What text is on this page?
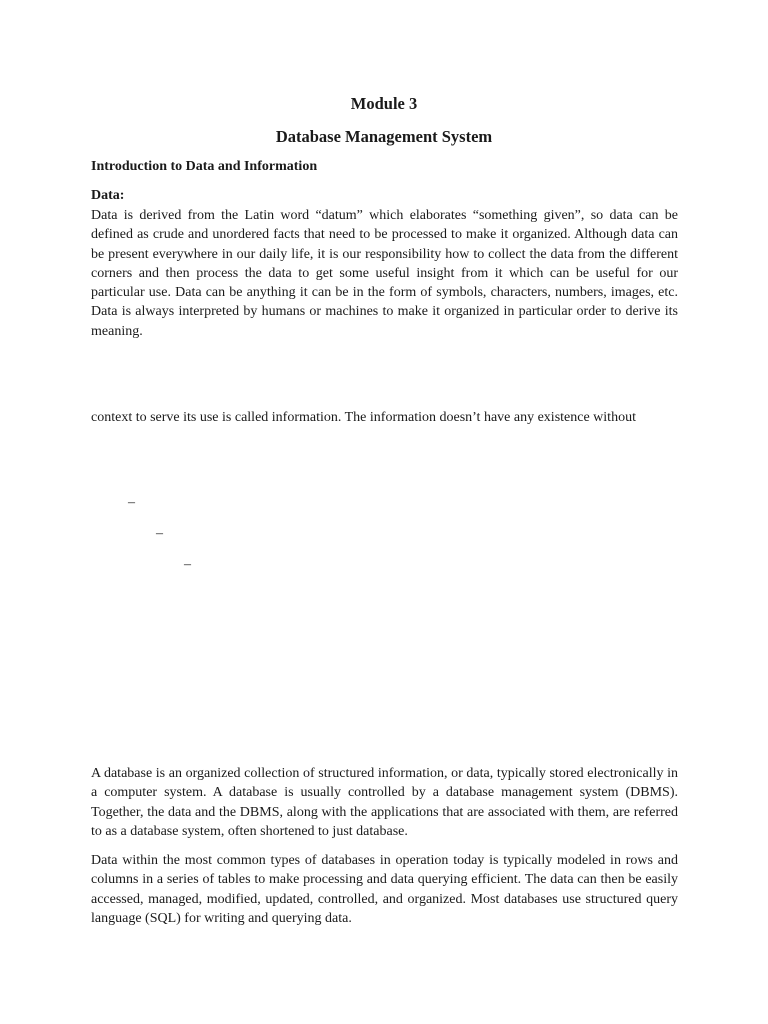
Module 3
Database Management System
Introduction to Data and Information
Data:

Data is derived from the Latin word “datum” which elaborates “something given”, so data can be defined as crude and unordered facts that need to be processed to make it organized. Although data can be present everywhere in our daily life, it is our responsibility how to collect the data from the different corners and then process the data to get some useful insight from it which can be useful for our particular use. Data can be anything it can be in the form of symbols, characters, numbers, images, etc. Data is always interpreted by humans or machines to make it organized in particular order to derive its meaning.

context to serve its use is called information. The information doesn’t have any existence without

–
–
–

A database is an organized collection of structured information, or data, typically stored electronically in a computer system. A database is usually controlled by a database management system (DBMS). Together, the data and the DBMS, along with the applications that are associated with them, are referred to as a database system, often shortened to just database.

Data within the most common types of databases in operation today is typically modeled in rows and columns in a series of tables to make processing and data querying efficient. The data can then be easily accessed, managed, modified, updated, controlled, and organized. Most databases use structured query language (SQL) for writing and querying data.
